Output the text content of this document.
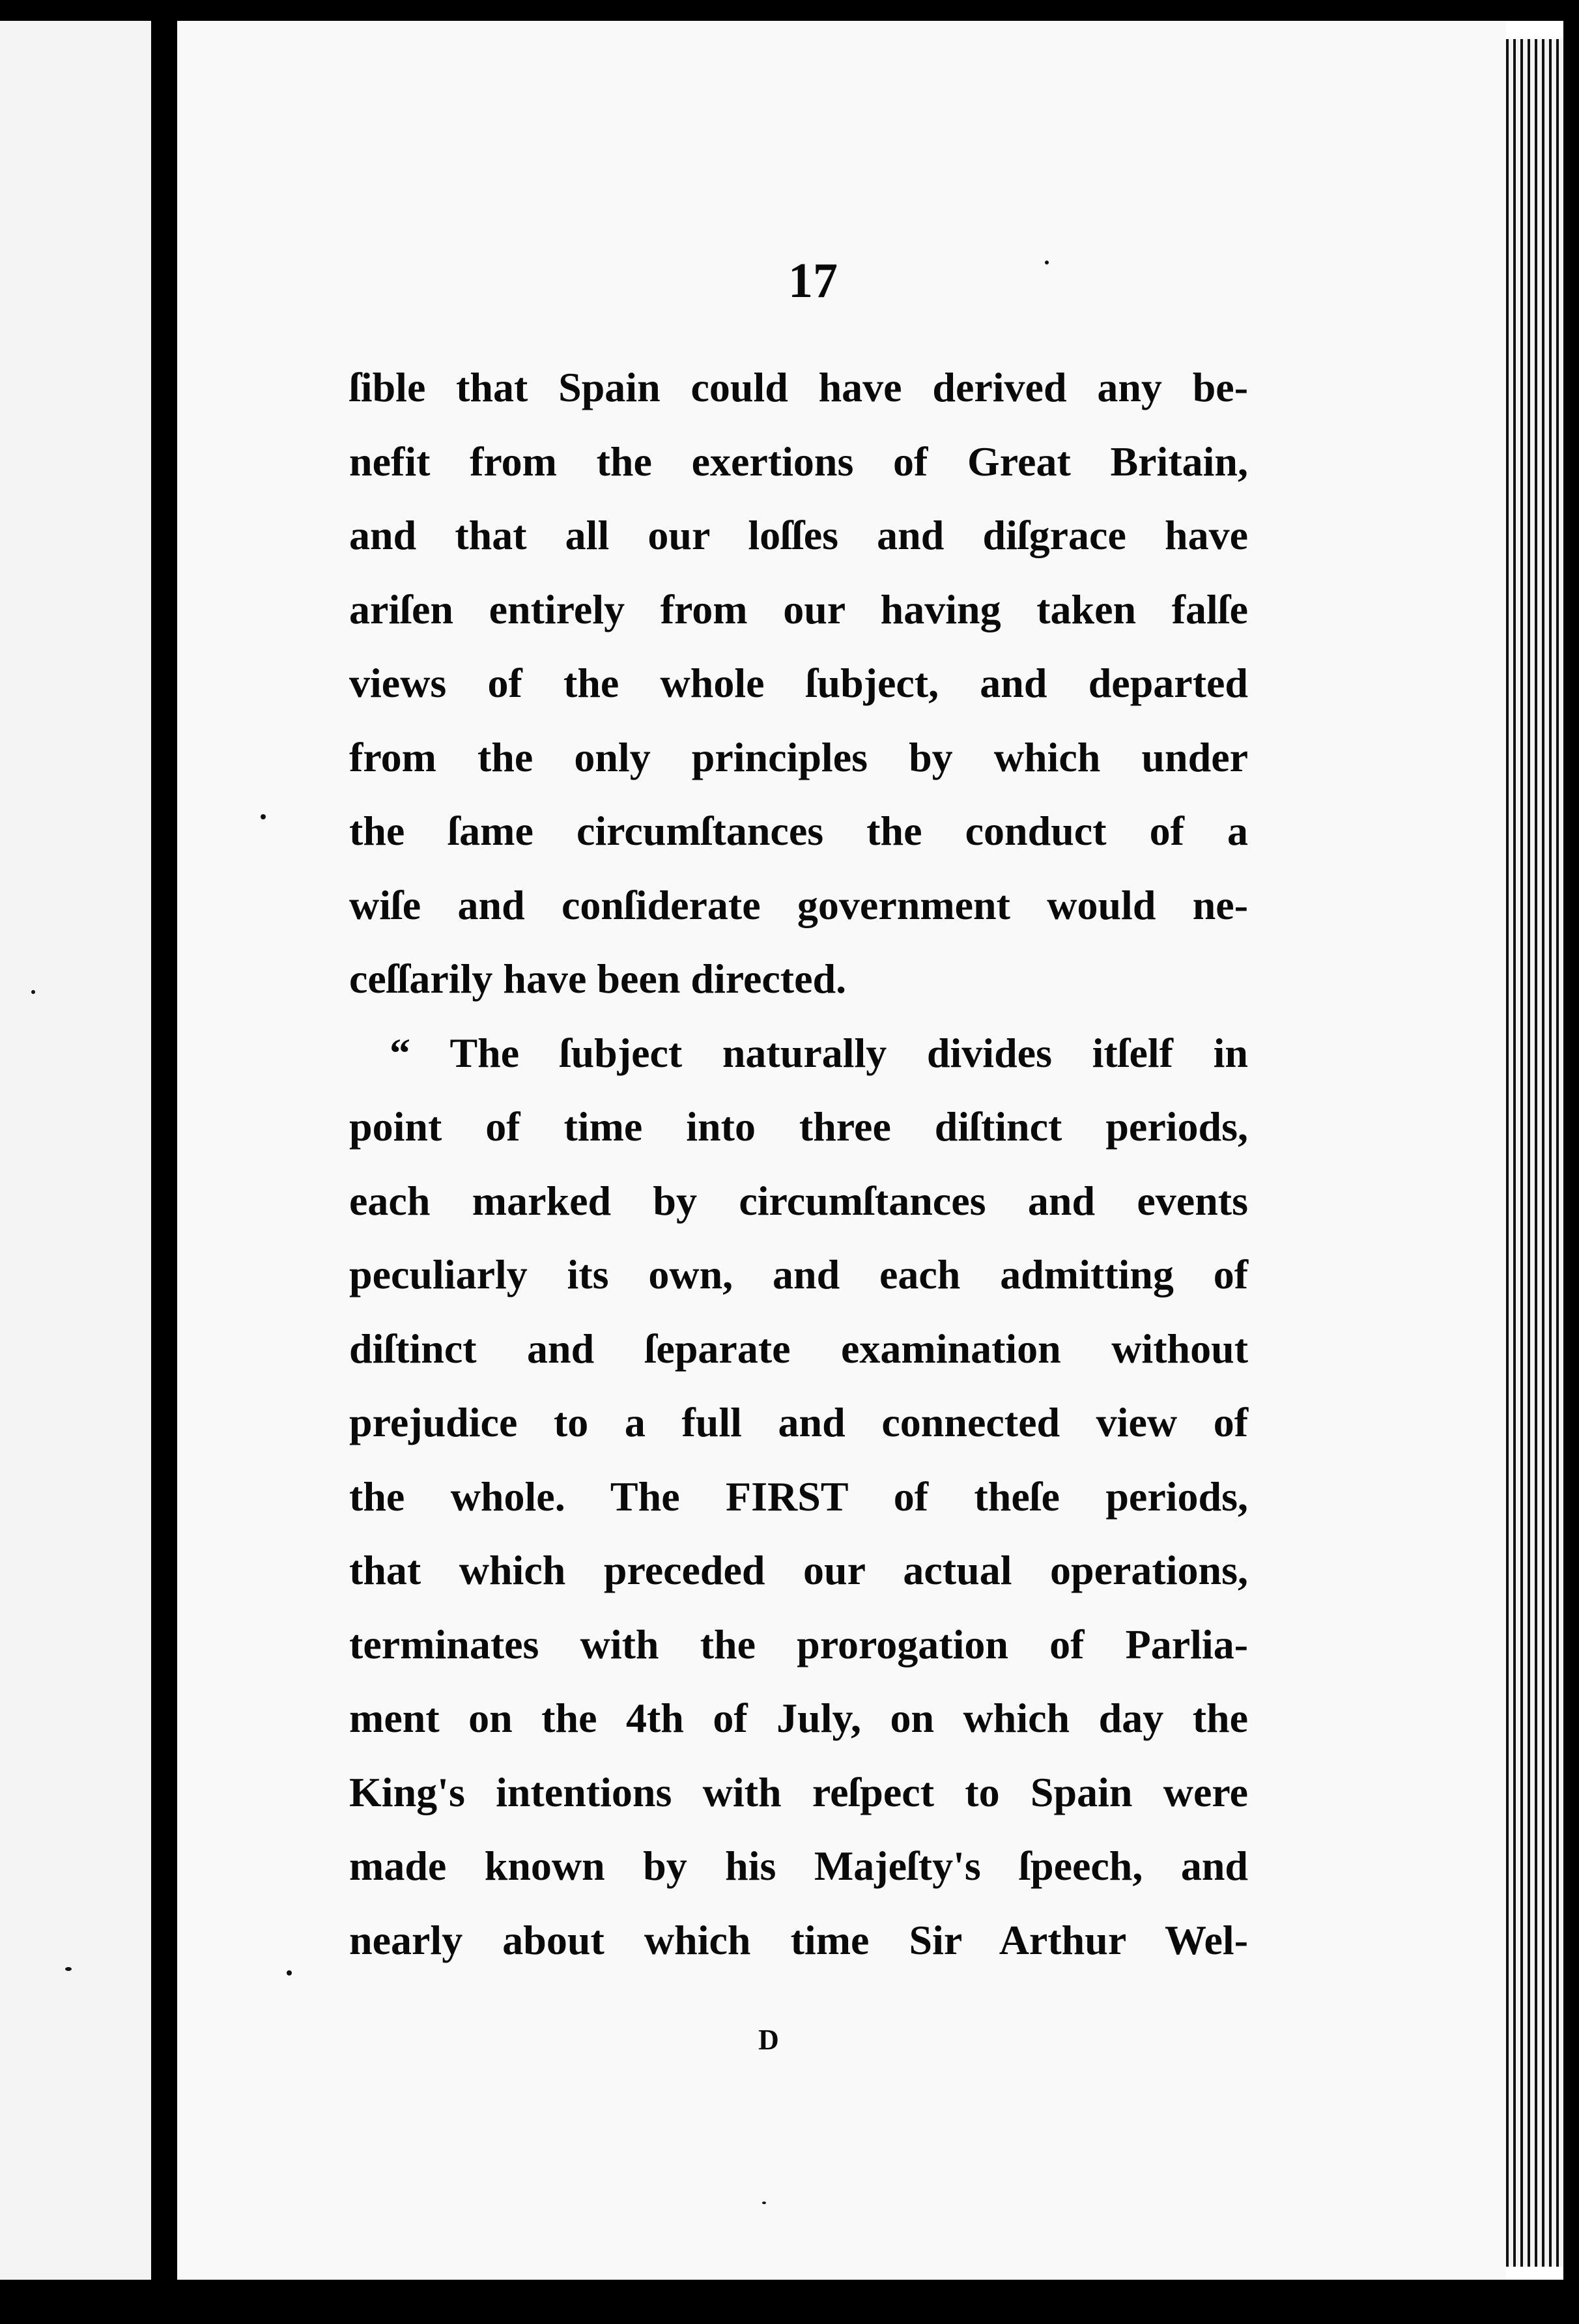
17
ſible that Spain could have derived any be-
nefit from the exertions of Great Britain,
and that all our loſſes and diſgrace have
ariſen entirely from our having taken falſe
views of the whole ſubject, and departed
from the only principles by which under
the ſame circumſtances the conduct of a
wiſe and conſiderate government would ne-
ceſſarily have been directed.
“ The ſubject naturally divides itſelf in
point of time into three diſtinct periods,
each marked by circumſtances and events
peculiarly its own, and each admitting of
diſtinct and ſeparate examination without
prejudice to a full and connected view of
the whole. The FIRST of theſe periods,
that which preceded our actual operations,
terminates with the prorogation of Parlia-
ment on the 4th of July, on which day the
King's intentions with reſpect to Spain were
made known by his Majeſty's ſpeech, and
nearly about which time Sir Arthur Wel-
D
